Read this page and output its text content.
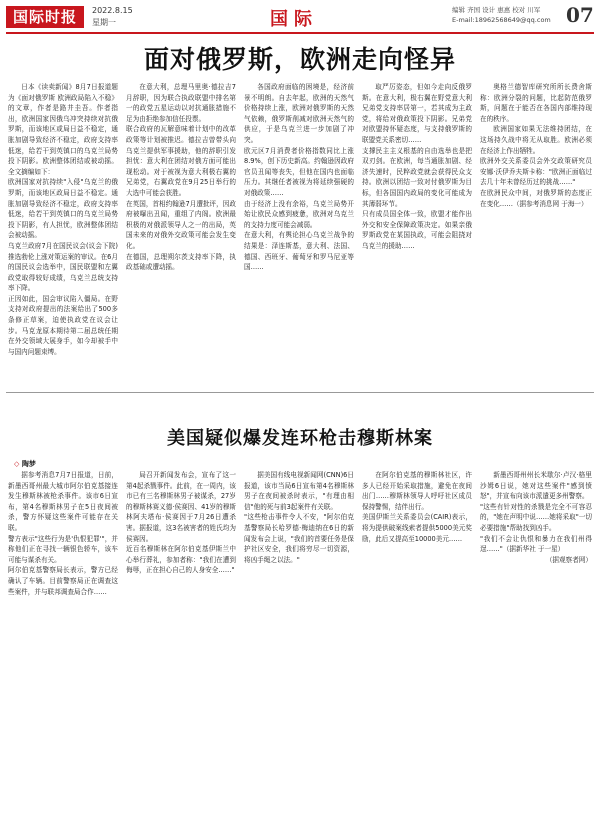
国际时报	2022.8.15
星期一	国际	编辑 齐国 设计 惠惠 校对 川军
E-mail:18962568649@qq.com 07
面对俄罗斯，欧洲走向怪异

日本《读卖新闻》8月7日报道题为《面对俄罗斯 欧洲政局陷入不稳》的文章，作者是路井圭吾。作者指出，欧洲国家因俄乌冲突持续对抗俄罗斯，而该地区或局日益不稳定，通胀加剧导致经济不稳定，政府支持率低迷，给若干到英镇口的乌克兰局势投下阴影。欧洲整体团结或被动摇。全文摘编如下：
欧洲国家对抗持续"入侵"乌克兰的俄罗斯，而该地区政局日益不稳定。通胀加剧导致经济不稳定，政府支持率低迷，给若干到英镇口的乌克兰局势投下阴影，有人担忧，欧洲整体团结会被动摇。
乌克兰政府7月在国民议会(议会下院)推选勃伦上涨对策运案的审议。在6月的国民议会选举中，国民联盟和左翼政党取得较好成绩，乌克兰总统支持率下降。
正因如此，国会审议陷入僵局。在野支持对政府提出的法案给出了500多条修正草案，迫使执政党在议会让步。马克龙原本期待第二届总统任期在外交领域大展身手，如今却被手中与国内问题束缚。

在意大利，总理马里奥·德拉吉7月辞职，因为联合执政联盟中排名第一的政党五星运动以对抗通胀措施不足为由拒绝参加信任投票。
联合政府的瓦解意味着计划中的改革政策等计划被推迟。德拉吉曾带头向乌克兰提供军事援助，他的辞职引发担忧：意大利在团结对俄方面可能出现松动。对于被视为意大利极右翼的兄弟党，右翼政党在9月25日举行的大选中可能会获胜。
在英国，首相约翰逊7月遭批评，因政府被曝出丑闻，重组了内阁。欧洲最积极的对俄派领导人之一的出局，英国未来的对俄外交政策可能会发生变化。
在德国，总理朔尔茨支持率下降，执政基础或遭动摇。

各国政府面临的困境是，经济前景不明朗。自去年起，欧洲的天然气价格持续上涨，欧洲对俄罗斯的天然气依赖，俄罗斯削减对欧洲天然气的供应，于是乌克兰进一步加剧了冲突。
欧元区7月消费者价格指数同比上涨8.9%，创下历史新高。约翰逊因政府官员丑闻等丧失，但他在国内也面临压力。其继任者被视为将延续强硬的对俄政策……
由于经济上没有余裕，乌克兰局势开始让欧民众感到疲惫，欧洲对乌克兰的支持力度可能会减弱。
在意大利，有舆论担心乌克兰战争的结果是：泽连斯基，意大利、法国、德国、西班牙、葡萄牙和罗马尼亚等国……

取严厉姿态，但如今走向反俄罗斯。在意大利，极右翼在野党意大利兄弟党支持率居第一，若其成为主政党，将给对俄政策投下阴影。兄弟党对欧盟持怀疑态度，与支持俄罗斯的联盟党关系密切……
支撑民主主义根基的自由选举也是把双刃剑。在欧洲，每当通胀加剧、经济失速时，民粹政党就会获得民众支持。欧洲以团结一致对付俄罗斯为目标，但各国国内政局的变化可能成为其薄弱环节。
只有成员国全体一致，欧盟才能作出外交和安全保障政策决定。如果亲俄罗斯政党在某国执政，可能会阻挠对乌克兰的援助……

奥格兰德智库研究所所长费舍斯称：欧洲分裂的问题，比起防范俄罗斯，问题在于能否在各国内部维持现在的秩序。

欧洲国家如果无法维持团结，在这场持久战中将无从取胜。欧洲必须在经济上作出牺牲。
欧洲外交关系委员会外交政策研究员安娜·沃伊乔夫斯卡称："欧洲正面临过去几十年未曾经历过的挑战……"
在欧洲民众中间，对俄罗斯的态度正在变化……（据参考消息网 于海一）

美国疑似爆发连环枪击穆斯林案
◇ 陶梦

据参考消息7月7日报道，日前，新墨西哥州最大城市阿尔伯克基接连发生穆斯林被枪杀事件。该市6日宣布，第4名穆斯林男子在5日夜间被杀，警方怀疑这些案件可能存在关联。
警方表示"这些行为是'仇恨犯罪'"，并称他们正在寻找一辆银色轿车，该车可能与谋杀有关。
阿尔伯克基警察局长表示，警方已经确认了车辆。目前警察局正在调查这些案件，并与联邦调查局合作……

局召开新闻发布会，宣布了这一第4起杀戮事件。此前，在一周内，该市已有三名穆斯林男子被谋杀，27岁的穆斯林赛义德·侯赛因、41岁的穆斯林阿夫塔布·侯赛因于7月26日遭杀害。据报道，这3名被害者的姓氏均为侯赛因。
近百名穆斯林在阿尔伯克基伊斯兰中心举行葬礼，参加者称："我们在遭到侮辱，正在担心自己的人身安全……"

据美国有线电视新闻网(CNN)6日报道，该市当局6日宣布第4名穆斯林男子在夜间被杀时表示，"有理由相信"他的死与前3起案件有关联。
"这些枪击事件令人不安，"阿尔伯克基警察局长哈罗德·梅迪纳在6日的新闻发布会上说，"我们的首要任务是保护社区安全，我们将穷尽一切资源，将凶手绳之以法。"

在阿尔伯克基的穆斯林社区，许多人已经开始采取措施，避免在夜间出门……穆斯林领导人呼吁社区成员保持警惕，结伴出行。
美国伊斯兰关系委员会(CAIR)表示，将为提供破案线索者提供5000美元奖励，此后又提高至10000美元……

新墨西哥州州长米歇尔·卢汉·格里沙姆6日说，她对这些案件"感到愤怒"，并宣布向该市派遣更多州警察。
"这些有针对性的杀戮是完全不可容忍的，"她在声明中说……她将采取"一切必要措施"帮助找到凶手。
"我们不会让仇恨和暴力在我们州得逞……"（据新华社 于一星）

（据观察者网）
